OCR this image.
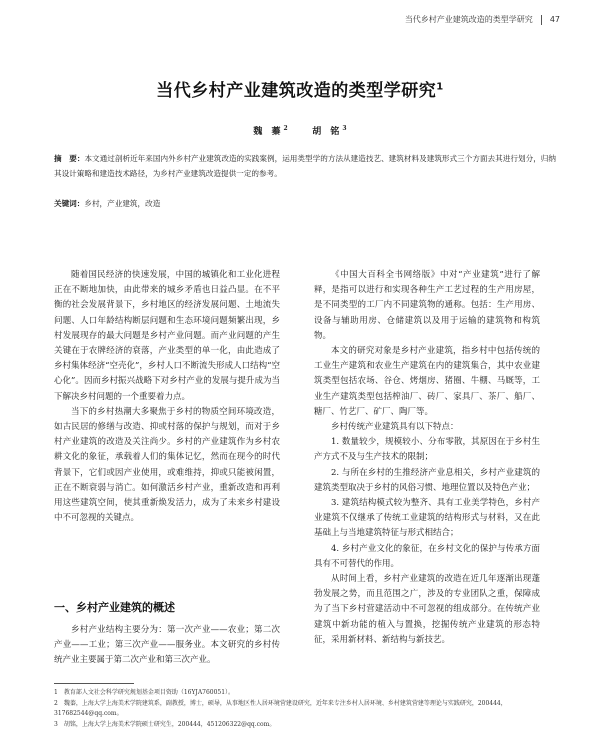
当代乡村产业建筑改造的类型学研究 47
当代乡村产业建筑改造的类型学研究$^1$
魏 蓁$^2$	胡 铭$^3$
摘　要：本文通过剖析近年来国内外乡村产业建筑改造的实践案例，运用类型学的方法从建造技艺、建筑材料及建筑形式三个方面去其进行划分，归纳其设计策略和建造技术路径，为乡村产业建筑改造提供一定的参考。
关键词：乡村，产业建筑，改造

随着国民经济的快速发展，中国的城镇化和工业化进程正在不断地加快，由此带来的城乡矛盾也日益凸显。在不平衡的社会发展背景下，乡村地区的经济发展问题、土地流失问题、人口年龄结构断层问题和生态环境问题频繁出现，乡村发展现存的最大问题是乡村产业问题。而产业问题的产生关键在于农牌经济的衰落，产业类型的单一化，由此造成了乡村集体经济“空壳化”，乡村人口不断流失形成人口结构“空心化”。因而乡村振兴战略下对乡村产业的发展与提升成为当下解决乡村问题的一个重要着力点。

当下的乡村热潮大多聚焦于乡村的物质空间环境改造，如古民居的修缮与改造、抑或村落的保护与规划，而对于乡村产业建筑的改造及关注尚少。乡村的产业建筑作为乡村农耕文化的象征，承载着人们的集体记忆，然而在现今的时代背景下，它们或因产业使用，或难维持，抑或只能被闲置，正在不断衰弱与消亡。如何激活乡村产业，重新改造和再利用这些建筑空间，使其重新焕发活力，成为了未来乡村建设中不可忽视的关键点。

一、乡村产业建筑的概述

乡村产业结构主要分为：第一次产业——农业；第二次产业——工业；第三次产业——服务业。本文研究的乡村传统产业主要属于第二次产业和第三次产业。

《中国大百科全书网络版》中对“产业建筑”进行了解释，是指可以进行和实现各种生产工艺过程的生产用房屋，是不同类型的工厂内不同建筑物的通称。包括：生产用房、设备与辅助用房、仓储建筑以及用于运输的建筑物和构筑物。

本文的研究对象是乡村产业建筑，指乡村中包括传统的工业生产建筑和农业生产建筑在内的建筑集合，其中农业建筑类型包括农场、谷仓、烤烟房、猪圈、牛棚、马厩等，工业生产建筑类型包括榨油厂、砖厂、家具厂、茶厂、船厂、糖厂、竹艺厂、矿厂、陶厂等。

乡村传统产业建筑具有以下特点：

1. 数量较少，规模较小、分布零散，其原因在于乡村生产方式不及与生产技术的限制；

2. 与所在乡村的生推经济产业息相关，乡村产业建筑的建筑类型取决于乡村的风俗习惯、地理位置以及特色产业；

3. 建筑结构模式较为整齐、具有工业美学特色，乡村产业建筑不仅继承了传统工业建筑的结构形式与材料，又在此基础上与当地建筑特征与形式相结合；

4. 乡村产业文化的象征，在乡村文化的保护与传承方面具有不可替代的作用。

从时间上看，乡村产业建筑的改造在近几年逐渐出现蓬勃发展之势，而且范围之广，涉及的专业团队之重，保障成为了当下乡村营建活动中不可忽视的组成部分。在传统产业建筑中新功能的植入与置换，挖掘传统产业建筑的形态特征，采用新材料、新结构与新技艺。

1　教育部人文社会科学研究规划基金项目资助（16YJA760051）。
2　魏蓁，上海大学上海美术学院建筑系，副教授，博士，硕导，从事地区性人居环境营建设研究，近年来专注乡村人居环境、乡村建筑营建等理论与实践研究，200444，317682544@qq.com。
3　胡铭，上海大学上海美术学院硕士研究生，200444，451206322@qq.com。
